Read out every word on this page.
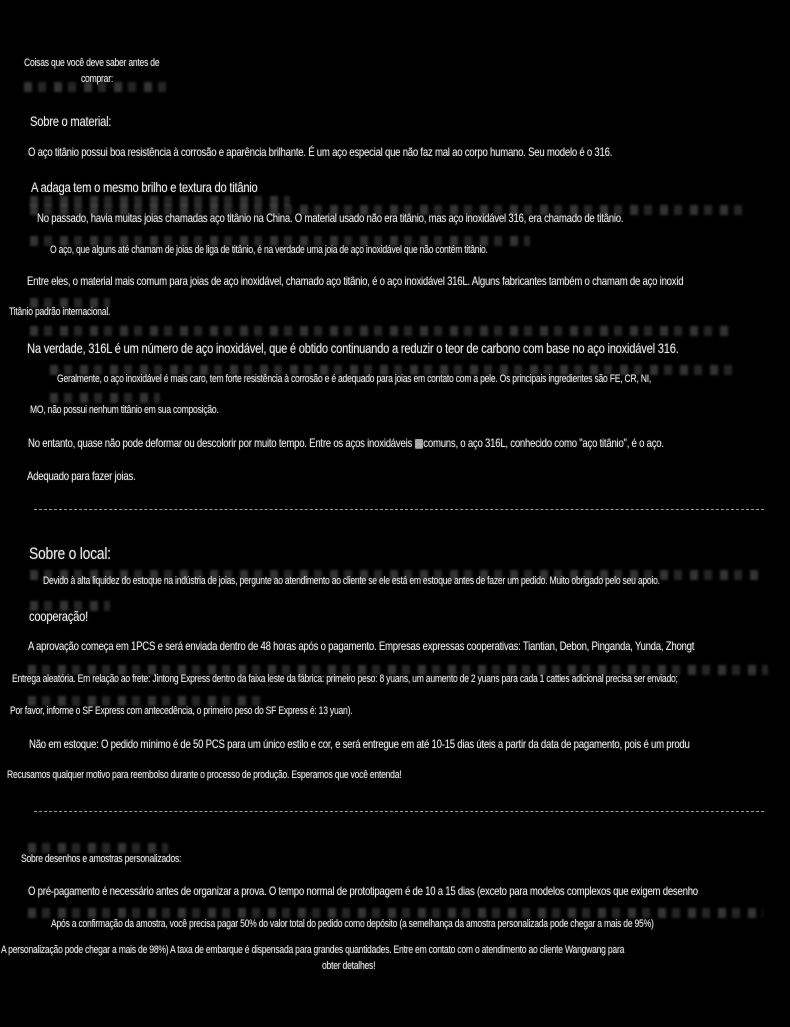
Coisas que você deve saber antes de
comprar:
Sobre o material:
O aço titânio possui boa resistência à corrosão e aparência brilhante. É um aço especial que não faz mal ao corpo humano. Seu modelo é o 316.
A adaga tem o mesmo brilho e textura do titânio
No passado, havia muitas joias chamadas aço titânio na China. O material usado não era titânio, mas aço inoxidável 316, era chamado de titânio.
O aço, que alguns até chamam de joias de liga de titânio, é na verdade uma joia de aço inoxidável que não contém titânio.
Entre eles, o material mais comum para joias de aço inoxidável, chamado aço titânio, é o aço inoxidável 316L. Alguns fabricantes também o chamam de aço inoxid
Titânio padrão internacional.
Na verdade, 316L é um número de aço inoxidável, que é obtido continuando a reduzir o teor de carbono com base no aço inoxidável 316.
Geralmente, o aço inoxidável é mais caro, tem forte resistência à corrosão e é adequado para joias em contato com a pele. Os principais ingredientes são FE, CR, NI,
MO, não possui nenhum titânio em sua composição.
No entanto, quase não pode deformar ou descolorir por muito tempo. Entre os aços inoxidáveis ▩comuns, o aço 316L, conhecido como "aço titânio", é o aço.
Adequado para fazer joias.
Sobre o local:
Devido à alta liquidez do estoque na indústria de joias, pergunte ao atendimento ao cliente se ele está em estoque antes de fazer um pedido. Muito obrigado pelo seu apoio.
cooperação!
A aprovação começa em 1PCS e será enviada dentro de 48 horas após o pagamento. Empresas expressas cooperativas: Tiantian, Debon, Pinganda, Yunda, Zhongt
Entrega aleatória. Em relação ao frete: Jintong Express dentro da faixa leste da fábrica: primeiro peso: 8 yuans, um aumento de 2 yuans para cada 1 catties adicional precisa ser enviado;
Por favor, informe o SF Express com antecedência, o primeiro peso do SF Express é: 13 yuan).
Não em estoque: O pedido mínimo é de 50 PCS para um único estilo e cor, e será entregue em até 10-15 dias úteis a partir da data de pagamento, pois é um produ
Recusamos qualquer motivo para reembolso durante o processo de produção. Esperamos que você entenda!
Sobre desenhos e amostras personalizados:
O pré-pagamento é necessário antes de organizar a prova. O tempo normal de prototipagem é de 10 a 15 dias (exceto para modelos complexos que exigem desenho
Após a confirmação da amostra, você precisa pagar 50% do valor total do pedido como depósito (a semelhança da amostra personalizada pode chegar a mais de 95%)
A personalização pode chegar a mais de 98%) A taxa de embarque é dispensada para grandes quantidades. Entre em contato com o atendimento ao cliente Wangwang para
obter detalhes!
